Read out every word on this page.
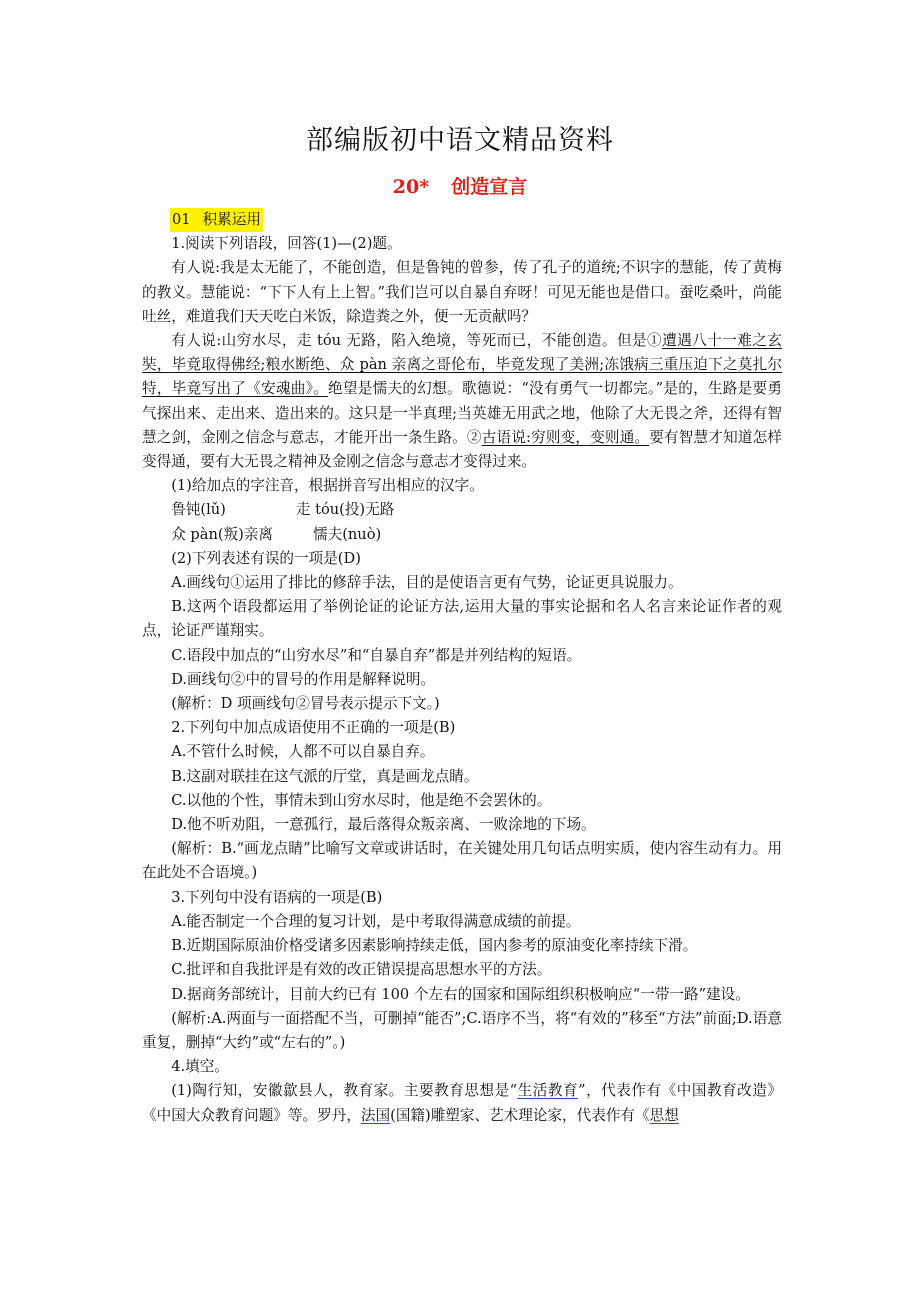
部编版初中语文精品资料
20* 创造宣言

01 积累运用

1.阅读下列语段，回答(1)—(2)题。

有人说:我是太无能了，不能创造，但是鲁钝的曾参，传了孔子的道统;不识字的慧能，传了黄梅的教义。慧能说：“下下人有上上智。”我们岂可以自暴自弃呀！可见无能也是借口。蚕吃桑叶，尚能吐丝，难道我们天天吃白米饭，除造粪之外，便一无贡献吗？

有人说:山穷水尽，走 tóu 无路，陷入绝境，等死而已，不能创造。但是①遭遇八十一难之玄奘，毕竟取得佛经;粮水断绝、众 pàn 亲离之哥伦布，毕竟发现了美洲;冻饿病三重压迫下之莫扎尔特，毕竟写出了《安魂曲》。绝望是懦夫的幻想。歌德说：“没有勇气一切都完。”是的，生路是要勇气探出来、走出来、造出来的。这只是一半真理;当英雄无用武之地，他除了大无畏之斧，还得有智慧之剑，金刚之信念与意志，才能开出一条生路。②古语说:穷则变，变则通。要有智慧才知道怎样变得通，要有大无畏之精神及金刚之信念与意志才变得过来。

(1)给加点的字注音，根据拼音写出相应的汉字。

鲁钝(lǔ)	走 tóu(投)无路

众 pàn(叛)亲离	懦夫(nuò)

(2)下列表述有误的一项是(D)

A.画线句①运用了排比的修辞手法，目的是使语言更有气势，论证更具说服力。

B.这两个语段都运用了举例论证的论证方法,运用大量的事实论据和名人名言来论证作者的观点，论证严谨翔实。

C.语段中加点的“山穷水尽”和“自暴自弃”都是并列结构的短语。

D.画线句②中的冒号的作用是解释说明。

(解析：D 项画线句②冒号表示提示下文。)

2.下列句中加点成语使用不正确的一项是(B)

A.不管什么时候，人都不可以自暴自弃。

B.这副对联挂在这气派的厅堂，真是画龙点睛。

C.以他的个性，事情未到山穷水尽时，他是绝不会罢休的。

D.他不听劝阻，一意孤行，最后落得众叛亲离、一败涂地的下场。

(解析：B.“画龙点睛”比喻写文章或讲话时，在关键处用几句话点明实质，使内容生动有力。用在此处不合语境。)

3.下列句中没有语病的一项是(B)

A.能否制定一个合理的复习计划，是中考取得满意成绩的前提。

B.近期国际原油价格受诸多因素影响持续走低，国内参考的原油变化率持续下滑。

C.批评和自我批评是有效的改正错误提高思想水平的方法。

D.据商务部统计，目前大约已有 100 个左右的国家和国际组织积极响应“一带一路”建设。

(解析:A.两面与一面搭配不当，可删掉“能否”;C.语序不当，将“有效的”移至“方法”前面;D.语意重复，删掉“大约”或“左右的”。)

4.填空。

(1)陶行知，安徽歙县人，教育家。主要教育思想是“生活教育”，代表作有《中国教育改造》《中国大众教育问题》等。罗丹，法国(国籍)雕塑家、艺术理论家，代表作有《思想
